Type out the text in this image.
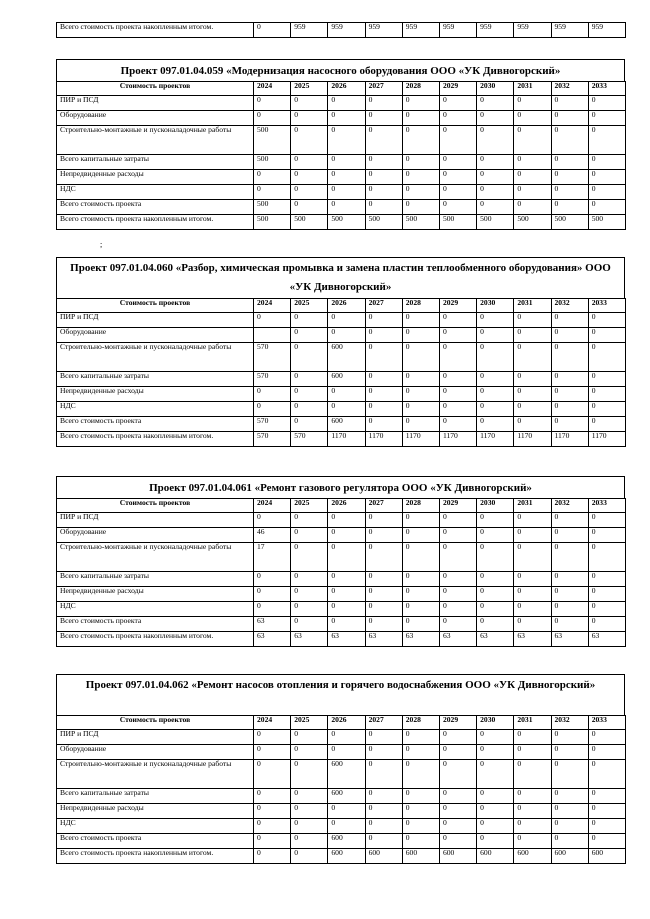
Всего стоимость проекта накопленным итогом.	0	959	959	959	959	959	959	959	959	959
Проект 097.01.04.059 «Модернизация насосного оборудования ООО «УК Дивногорский»
Стоимость проектов	2024	2025	2026	2027	2028	2029	2030	2031	2032	2033
ПИР и ПСД	0	0	0	0	0	0	0	0	0	0
Оборудование	0	0	0	0	0	0	0	0	0	0
Строительно-монтажные и пусконаладочные работы	500	0	0	0	0	0	0	0	0	0
Всего капитальные затраты	500	0	0	0	0	0	0	0	0	0
Непредвиденные расходы	0	0	0	0	0	0	0	0	0	0
НДС	0	0	0	0	0	0	0	0	0	0
Всего стоимость проекта	500	0	0	0	0	0	0	0	0	0
Всего стоимость проекта накопленным итогом.	500	500	500	500	500	500	500	500	500	500
;
Проект 097.01.04.060 «Разбор, химическая промывка и замена пластин теплообменного оборудования» ООО «УК Дивногорский»
Стоимость проектов	2024	2025	2026	2027	2028	2029	2030	2031	2032	2033
ПИР и ПСД	0	0	0	0	0	0	0	0	0	0
Оборудование		0	0	0	0	0	0	0	0	0
Строительно-монтажные и пусконаладочные работы	570	0	600	0	0	0	0	0	0	0
Всего капитальные затраты	570	0	600	0	0	0	0	0	0	0
Непредвиденные расходы	0	0	0	0	0	0	0	0	0	0
НДС	0	0	0	0	0	0	0	0	0	0
Всего стоимость проекта	570	0	600	0	0	0	0	0	0	0
Всего стоимость проекта накопленным итогом.	570	570	1170	1170	1170	1170	1170	1170	1170	1170
Проект 097.01.04.061 «Ремонт газового регулятора ООО «УК Дивногорский»
Стоимость проектов	2024	2025	2026	2027	2028	2029	2030	2031	2032	2033
ПИР и ПСД	0	0	0	0	0	0	0	0	0	0
Оборудование	46	0	0	0	0	0	0	0	0	0
Строительно-монтажные и пусконаладочные работы	17	0	0	0	0	0	0	0	0	0
Всего капитальные затраты	0	0	0	0	0	0	0	0	0	0
Непредвиденные расходы	0	0	0	0	0	0	0	0	0	0
НДС	0	0	0	0	0	0	0	0	0	0
Всего стоимость проекта	63	0	0	0	0	0	0	0	0	0
Всего стоимость проекта накопленным итогом.	63	63	63	63	63	63	63	63	63	63
Проект 097.01.04.062 «Ремонт насосов отопления и горячего водоснабжения ООО «УК Дивногорский»
Стоимость проектов	2024	2025	2026	2027	2028	2029	2030	2031	2032	2033
ПИР и ПСД	0	0	0	0	0	0	0	0	0	0
Оборудование	0	0	0	0	0	0	0	0	0	0
Строительно-монтажные и пусконаладочные работы	0	0	600	0	0	0	0	0	0	0
Всего капитальные затраты	0	0	600	0	0	0	0	0	0	0
Непредвиденные расходы	0	0	0	0	0	0	0	0	0	0
НДС	0	0	0	0	0	0	0	0	0	0
Всего стоимость проекта	0	0	600	0	0	0	0	0	0	0
Всего стоимость проекта накопленным итогом.	0	0	600	600	600	600	600	600	600	600
